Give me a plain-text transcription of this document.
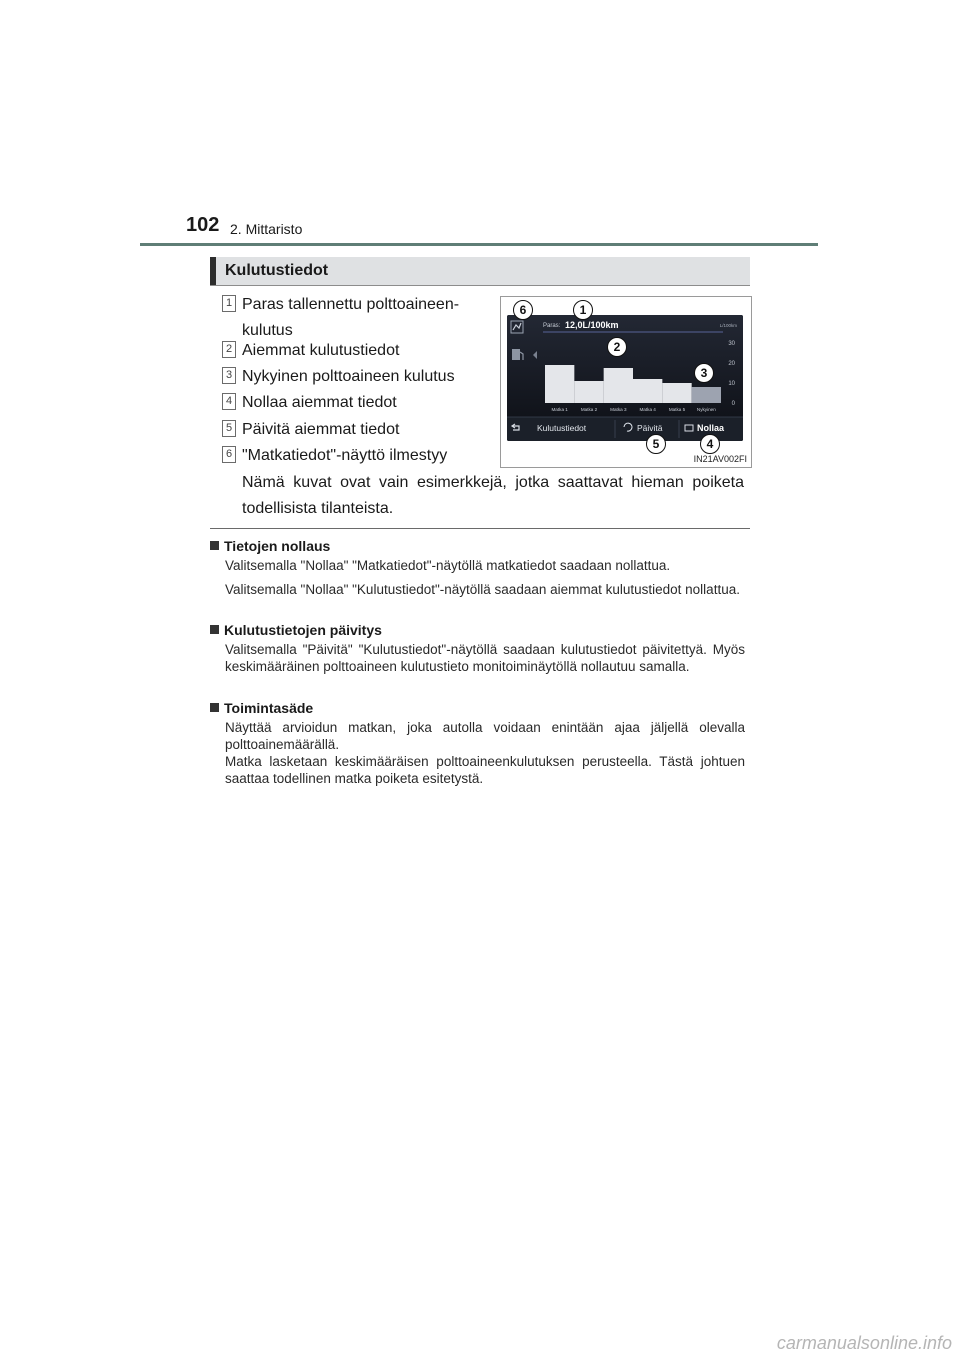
102 2. Mittaristo
Kulutustiedot
1 Paras tallennettu polttoaineen-
kulutus
2 Aiemmat kulutustiedot
3 Nykyinen polttoaineen kulutus
4 Nollaa aiemmat tiedot
5 Päivitä aiemmat tiedot
6 "Matkatiedot"-näyttö ilmestyy
Paras: 12,0L/100km	L/100km
30
20
10
0
Matka 1	Matka 2	Matka 3	Matka 4	Matka 5	Nykyinen
Kulutustiedot	Päivitä	Nollaa
6	1
2
3
5	4
IN21AV002FI
Nämä kuvat ovat vain esimerkkejä, jotka saattavat hieman poiketa todellisista tilanteista.
Tietojen nollaus
Valitsemalla "Nollaa" "Matkatiedot"-näytöllä matkatiedot saadaan nollattua.
Valitsemalla "Nollaa" "Kulutustiedot"-näytöllä saadaan aiemmat kulutustiedot nollattua.
Kulutustietojen päivitys
Valitsemalla "Päivitä" "Kulutustiedot"-näytöllä saadaan kulutustiedot päivitettyä. Myös keskimääräinen polttoaineen kulutustieto monitoiminäytöllä nollautuu samalla.
Toimintasäde
Näyttää arvioidun matkan, joka autolla voidaan enintään ajaa jäljellä olevalla polttoainemäärällä.
Matka lasketaan keskimääräisen polttoaineenkulutuksen perusteella. Tästä johtuen saattaa todellinen matka poiketa esitetystä.
carmanualsonline.info
